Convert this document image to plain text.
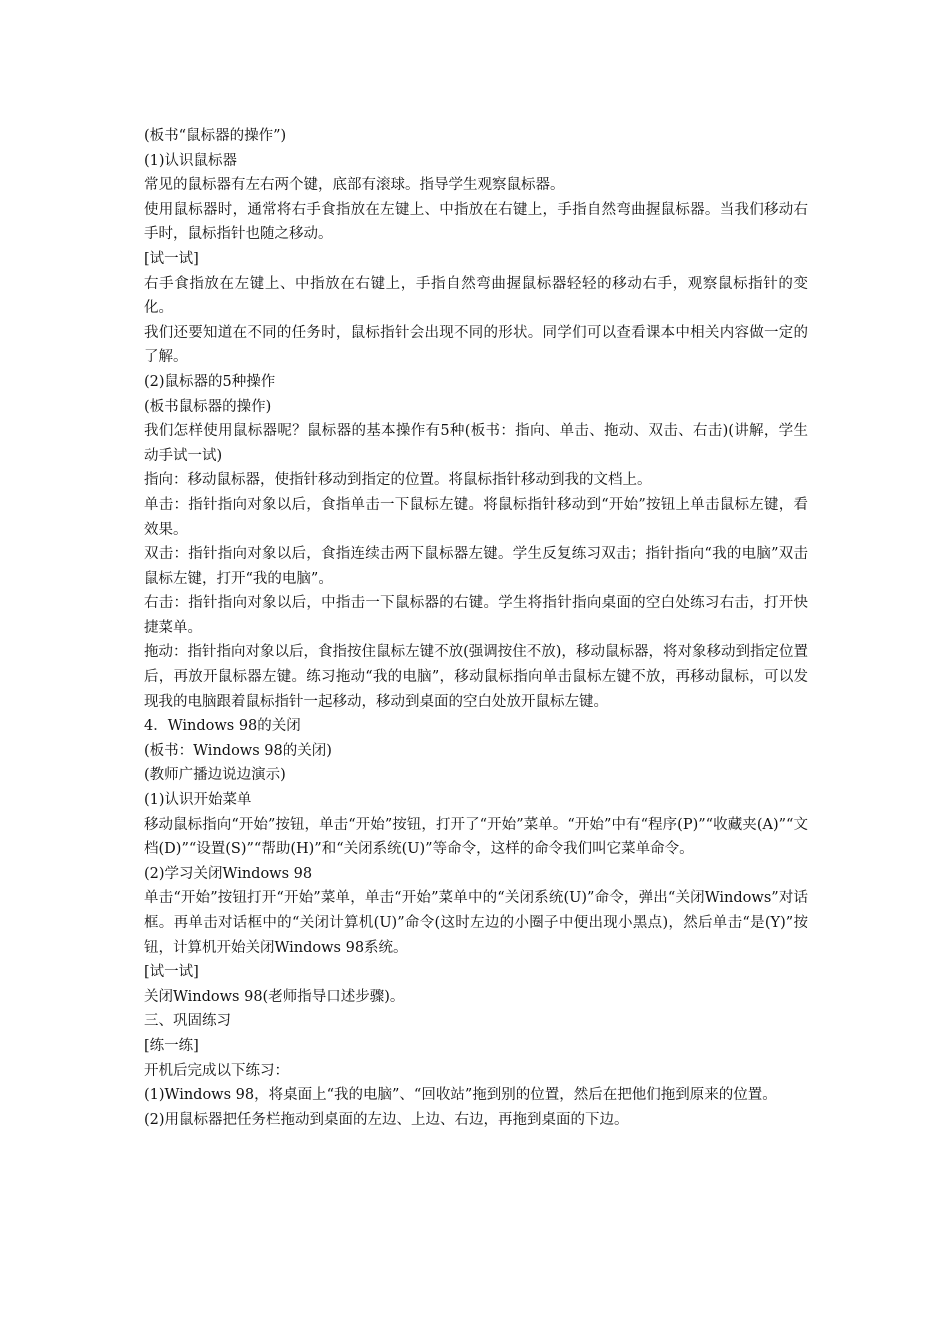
(板书“鼠标器的操作”)

(1)认识鼠标器

常见的鼠标器有左右两个键，底部有滚球。指导学生观察鼠标器。

使用鼠标器时，通常将右手食指放在左键上、中指放在右键上，手指自然弯曲握鼠标器。当我们移动右手时，鼠标指针也随之移动。

[试一试]

右手食指放在左键上、中指放在右键上，手指自然弯曲握鼠标器轻轻的移动右手，观察鼠标指针的变化。

我们还要知道在不同的任务时，鼠标指针会出现不同的形状。同学们可以查看课本中相关内容做一定的了解。

(2)鼠标器的5种操作

(板书鼠标器的操作)

我们怎样使用鼠标器呢？鼠标器的基本操作有5种(板书：指向、单击、拖动、双击、右击)(讲解，学生动手试一试)

指向：移动鼠标器，使指针移动到指定的位置。将鼠标指针移动到我的文档上。

单击：指针指向对象以后，食指单击一下鼠标左键。将鼠标指针移动到“开始”按钮上单击鼠标左键，看效果。

双击：指针指向对象以后，食指连续击两下鼠标器左键。学生反复练习双击；指针指向“我的电脑”双击鼠标左键，打开“我的电脑”。

右击：指针指向对象以后，中指击一下鼠标器的右键。学生将指针指向桌面的空白处练习右击，打开快捷菜单。

拖动：指针指向对象以后，食指按住鼠标左键不放(强调按住不放)，移动鼠标器，将对象移动到指定位置后，再放开鼠标器左键。练习拖动“我的电脑”，移动鼠标指向单击鼠标左键不放，再移动鼠标，可以发现我的电脑跟着鼠标指针一起移动，移动到桌面的空白处放开鼠标左键。

4．Windows 98的关闭

(板书：Windows 98的关闭)

(教师广播边说边演示)

(1)认识开始菜单

移动鼠标指向“开始”按钮，单击“开始”按钮，打开了“开始”菜单。“开始”中有“程序(P)”“收藏夹(A)”“文档(D)”“设置(S)”“帮助(H)”和“关闭系统(U)”等命令，这样的命令我们叫它菜单命令。

(2)学习关闭Windows 98

单击“开始”按钮打开“开始”菜单，单击“开始”菜单中的“关闭系统(U)”命令，弹出“关闭Windows”对话框。再单击对话框中的“关闭计算机(U)”命令(这时左边的小圈子中便出现小黑点)，然后单击“是(Y)”按钮，计算机开始关闭Windows 98系统。

[试一试]

关闭Windows 98(老师指导口述步骤)。

三、巩固练习

[练一练]

开机后完成以下练习：

(1)Windows 98，将桌面上“我的电脑”、“回收站”拖到别的位置，然后在把他们拖到原来的位置。

(2)用鼠标器把任务栏拖动到桌面的左边、上边、右边，再拖到桌面的下边。
